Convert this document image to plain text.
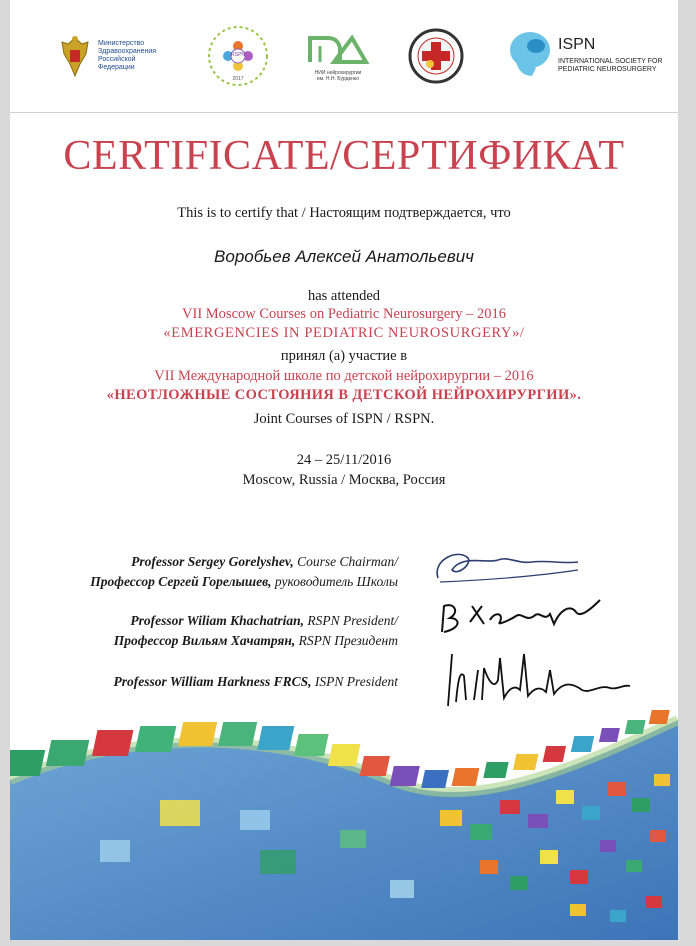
Министерство
Здравоохранения
Российской
Федерации
RSPN
2017
НИИ нейрохирургии
им. Н.Н. Бурденко
ISPN
INTERNATIONAL SOCIETY FOR
PEDIATRIC NEUROSURGERY
CERTIFICATE/СЕРТИФИКАТ
This is to certify that / Настоящим подтверждается, что
Воробьев Алексей Анатольевич
has attended
VII Moscow Courses on Pediatric Neurosurgery – 2016
«EMERGENCIES IN PEDIATRIC NEUROSURGERY»/
принял (а) участие в
VII Международной школе по детской нейрохирургии – 2016
«НЕОТЛОЖНЫЕ СОСТОЯНИЯ В ДЕТСКОЙ НЕЙРОХИРУРГИИ».
Joint Courses of ISPN / RSPN.
24 – 25/11/2016
Moscow, Russia / Москва, Россия
Professor Sergey Gorelyshev, Course Chairman/
Профессор Сергей Горелышев, руководитель Школы
Professor Wiliam Khachatrian, RSPN President/
Профессор Вильям Хачатрян, RSPN Президент
Professor William Harkness FRCS, ISPN President
